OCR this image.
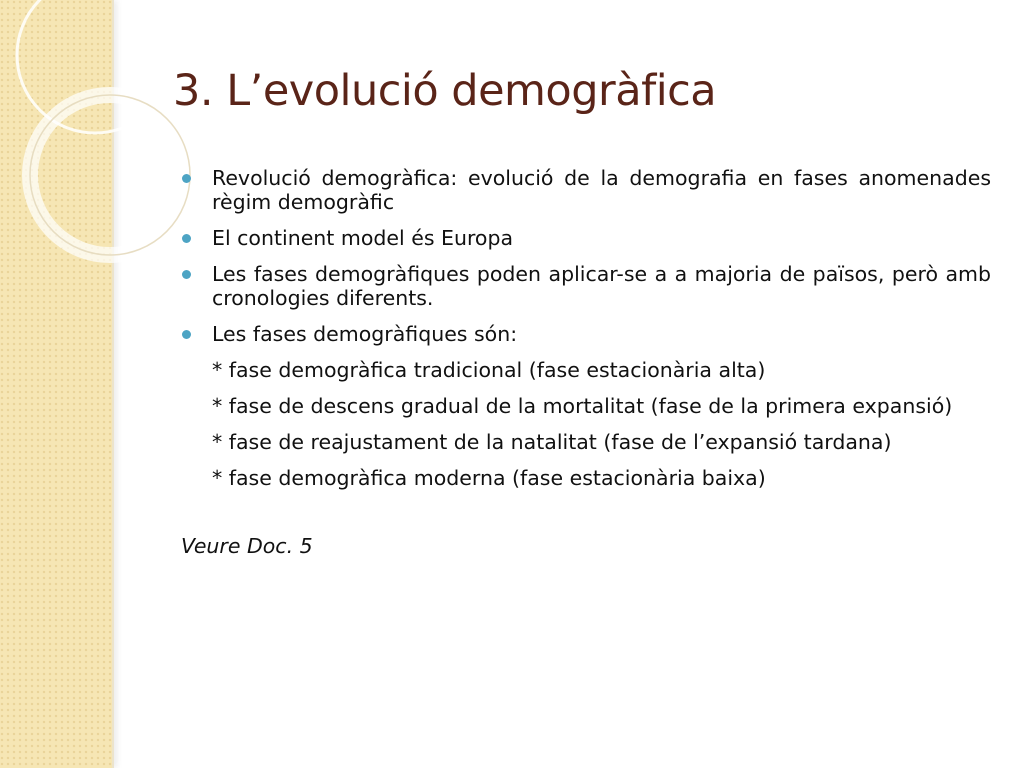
3. L’evolució demogràfica
Revolució demogràfica: evolució de la demografia en fases anomenades règim demogràfic
El continent model és Europa
Les fases demogràfiques poden aplicar-se a a majoria de països, però amb cronologies diferents.
Les fases demogràfiques són:
* fase demogràfica tradicional (fase estacionària alta)
* fase de descens gradual de la mortalitat (fase de la primera expansió)
* fase de reajustament de la natalitat (fase de l’expansió tardana)
* fase demogràfica moderna (fase estacionària baixa)
Veure Doc. 5
